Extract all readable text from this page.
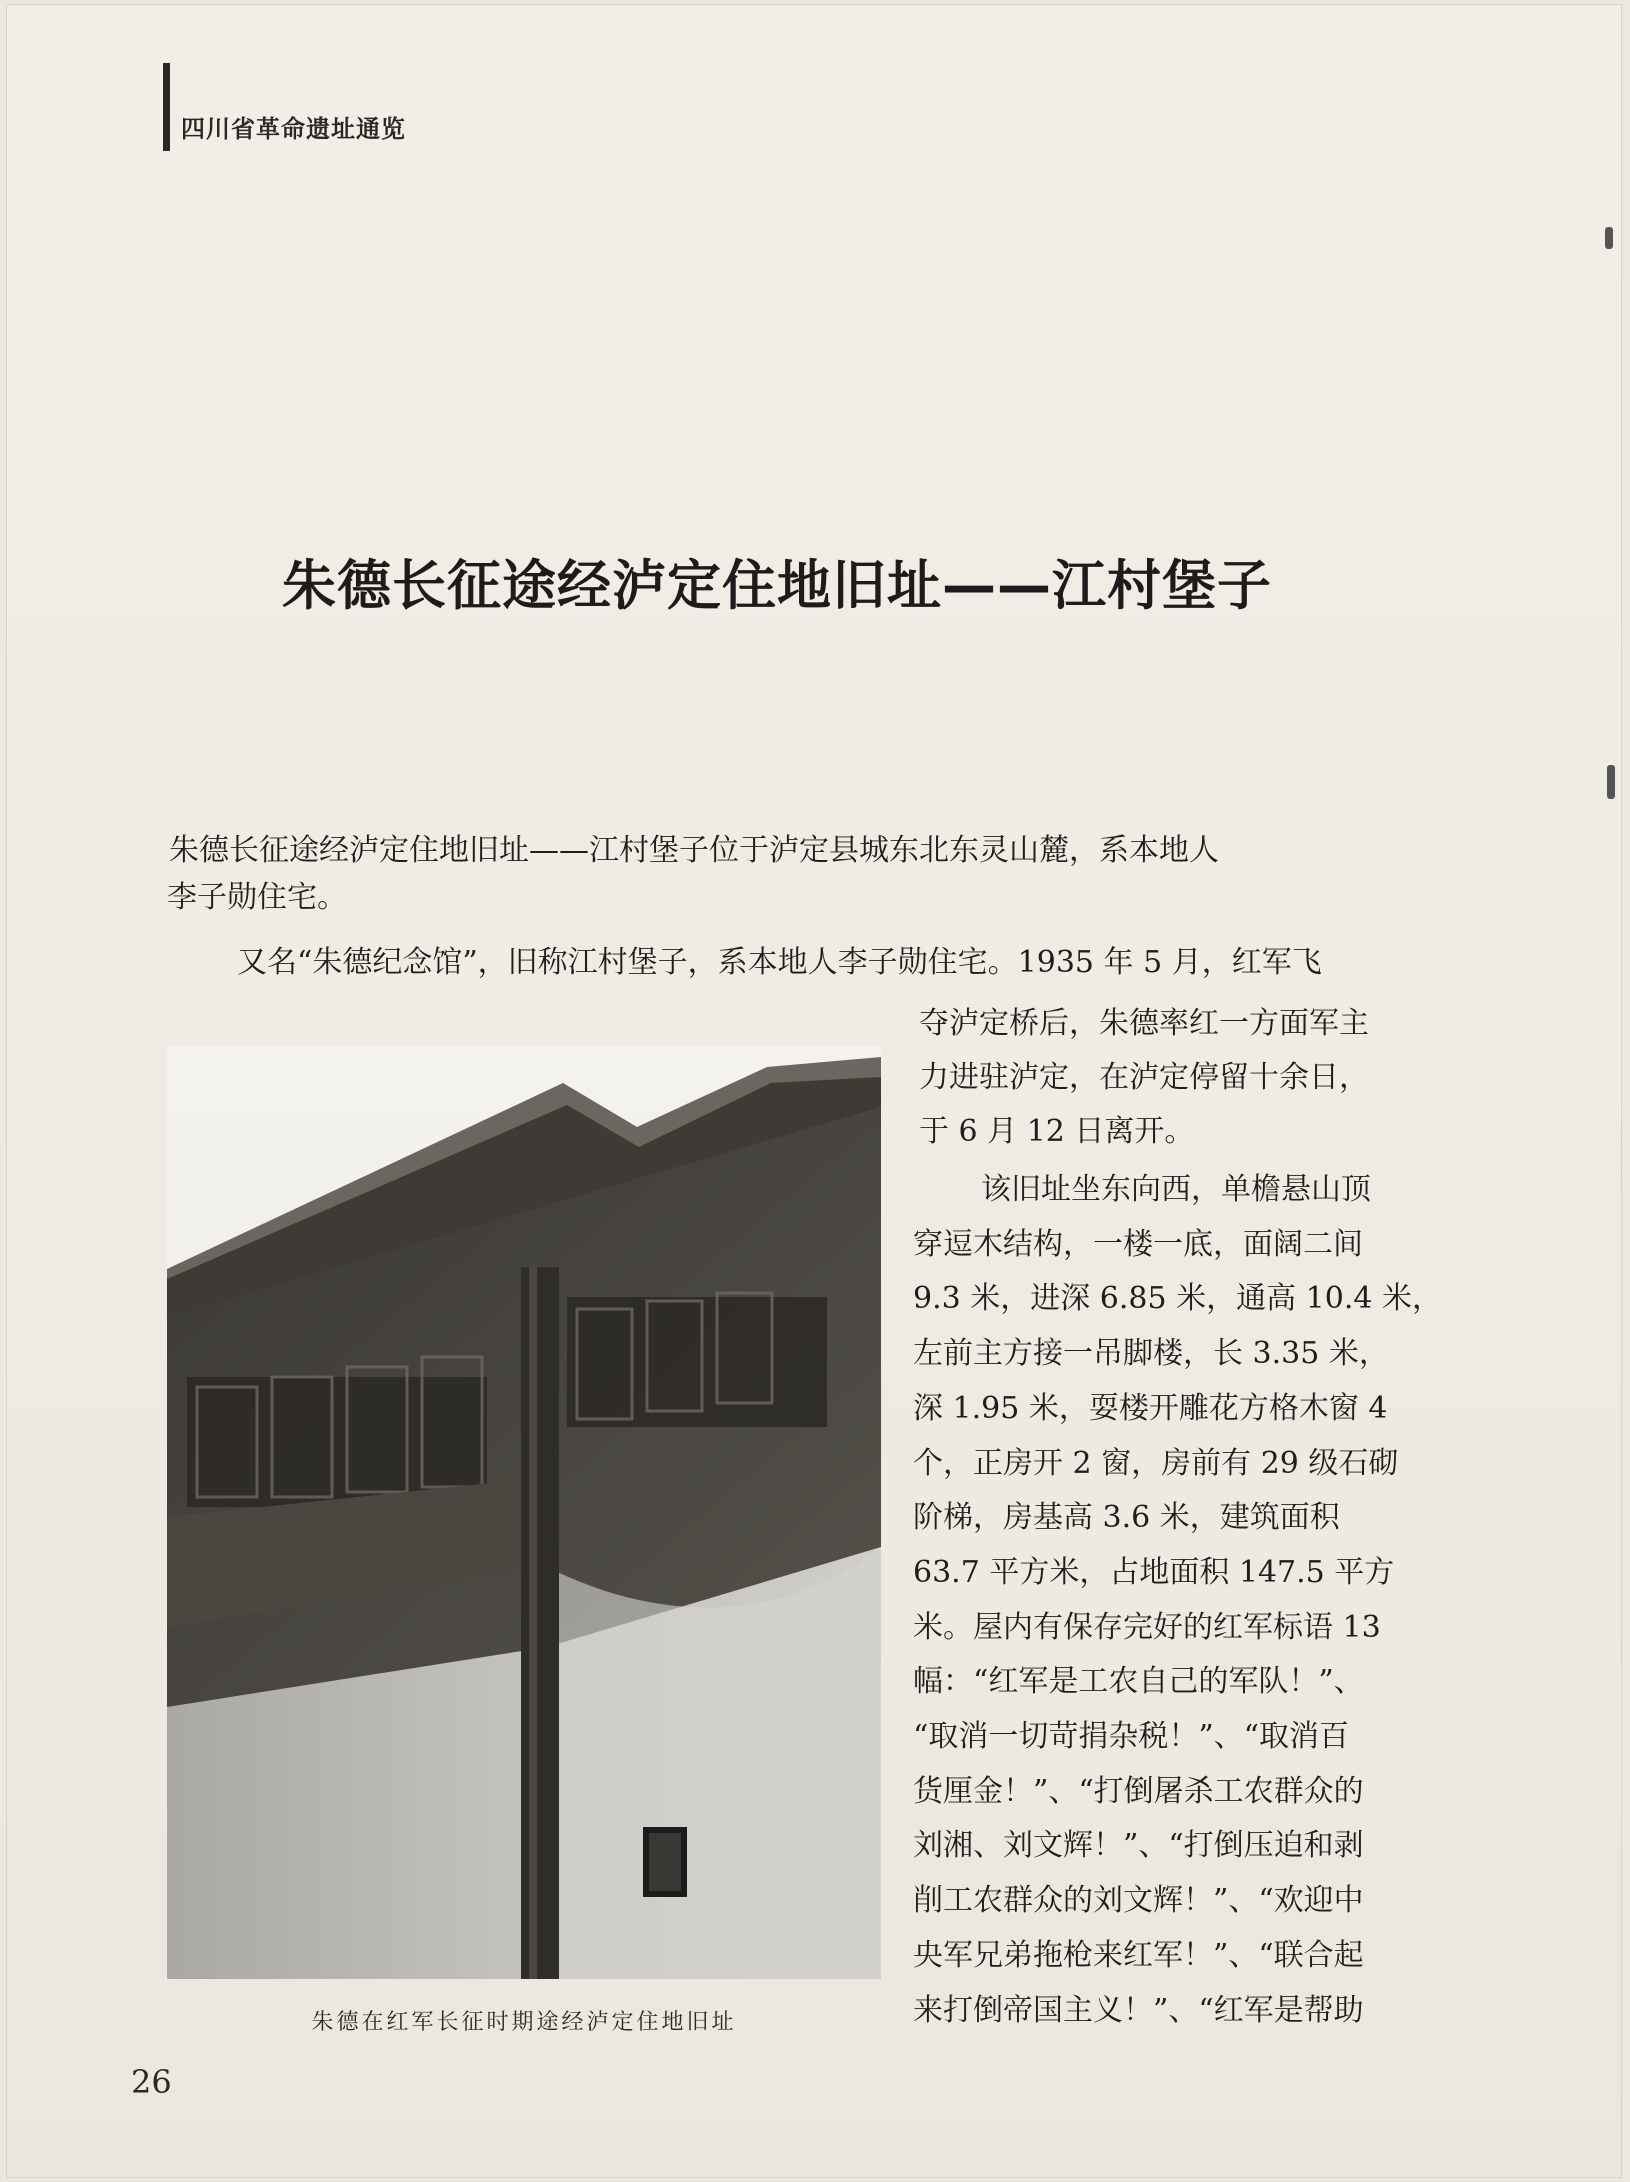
四川省革命遗址通览
朱德长征途经泸定住地旧址——江村堡子
朱德长征途经泸定住地旧址——江村堡子位于泸定县城东北东灵山麓，系本地人
李子勋住宅。
又名“朱德纪念馆”，旧称江村堡子，系本地人李子勋住宅。1935 年 5 月，红军飞
夺泸定桥后，朱德率红一方面军主
力进驻泸定，在泸定停留十余日，
于 6 月 12 日离开。
该旧址坐东向西，单檐悬山顶
穿逗木结构，一楼一底，面阔二间
9.3 米，进深 6.85 米，通高 10.4 米，
左前主方接一吊脚楼，长 3.35 米，
深 1.95 米，耍楼开雕花方格木窗 4
个，正房开 2 窗，房前有 29 级石砌
阶梯，房基高 3.6 米，建筑面积
63.7 平方米，占地面积 147.5 平方
米。屋内有保存完好的红军标语 13
幅：“红军是工农自己的军队！”、
“取消一切苛捐杂税！”、“取消百
货厘金！”、“打倒屠杀工农群众的
刘湘、刘文辉！”、“打倒压迫和剥
削工农群众的刘文辉！”、“欢迎中
央军兄弟拖枪来红军！”、“联合起
来打倒帝国主义！”、“红军是帮助
朱德在红军长征时期途经泸定住地旧址
26
